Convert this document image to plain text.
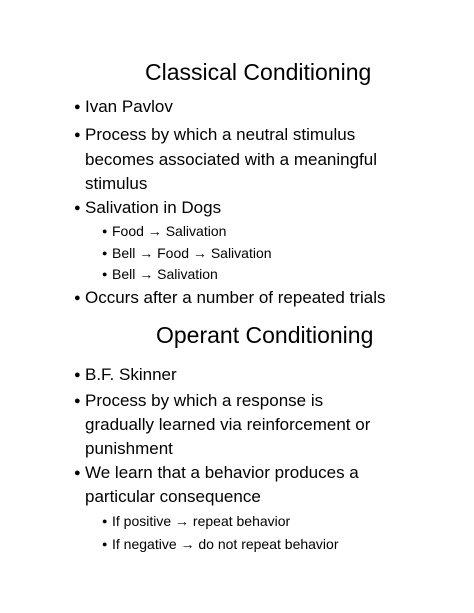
Classical Conditioning
● Ivan Pavlov
● Process by which a neutral stimulus
becomes associated with a meaningful
stimulus
● Salivation in Dogs
● Food → Salivation
● Bell → Food → Salivation
● Bell → Salivation
● Occurs after a number of repeated trials
Operant Conditioning
● B.F. Skinner
● Process by which a response is
gradually learned via reinforcement or
punishment
● We learn that a behavior produces a
particular consequence
● If positive → repeat behavior
● If negative → do not repeat behavior
